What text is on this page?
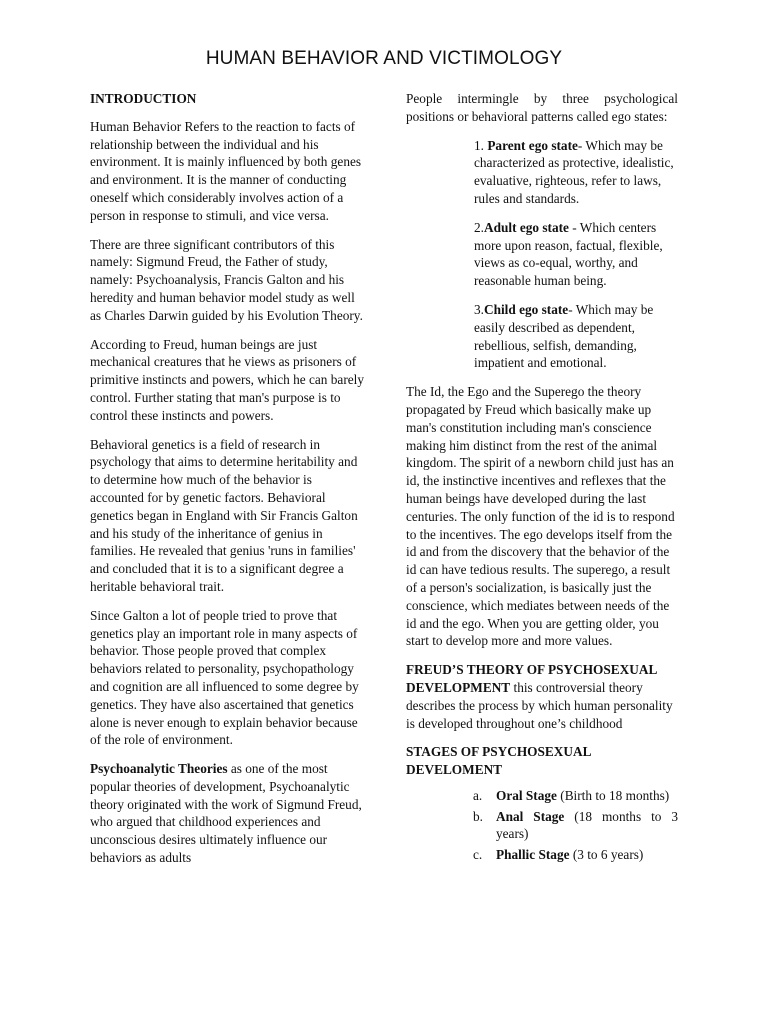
HUMAN BEHAVIOR AND VICTIMOLOGY

INTRODUCTION

Human Behavior Refers to the reaction to facts of relationship between the individual and his environment. It is mainly influenced by both genes and environment. It is the manner of conducting oneself which considerably involves action of a person in response to stimuli, and vice versa.

There are three significant contributors of this namely: Sigmund Freud, the Father of study, namely: Psychoanalysis, Francis Galton and his heredity and human behavior model study as well as Charles Darwin guided by his Evolution Theory.

According to Freud, human beings are just mechanical creatures that he views as prisoners of primitive instincts and powers, which he can barely control. Further stating that man's purpose is to control these instincts and powers.

Behavioral genetics is a field of research in psychology that aims to determine heritability and to determine how much of the behavior is accounted for by genetic factors. Behavioral genetics began in England with Sir Francis Galton and his study of the inheritance of genius in families. He revealed that genius 'runs in families' and concluded that it is to a significant degree a heritable behavioral trait.

Since Galton a lot of people tried to prove that genetics play an important role in many aspects of behavior. Those people proved that complex behaviors related to personality, psychopathology and cognition are all influenced to some degree by genetics. They have also ascertained that genetics alone is never enough to explain behavior because of the role of environment.

Psychoanalytic Theories as one of the most popular theories of development, Psychoanalytic theory originated with the work of Sigmund Freud, who argued that childhood experiences and unconscious desires ultimately influence our behaviors as adults

People intermingle by three psychological positions or behavioral patterns called ego states:

1. Parent ego state- Which may be characterized as protective, idealistic, evaluative, righteous, refer to laws, rules and standards.

2.Adult ego state - Which centers more upon reason, factual, flexible, views as co-equal, worthy, and reasonable human being.

3.Child ego state- Which may be easily described as dependent, rebellious, selfish, demanding, impatient and emotional.

The Id, the Ego and the Superego the theory propagated by Freud which basically make up man's constitution including man's conscience making him distinct from the rest of the animal kingdom. The spirit of a newborn child just has an id, the instinctive incentives and reflexes that the human beings have developed during the last centuries. The only function of the id is to respond to the incentives. The ego develops itself from the id and from the discovery that the behavior of the id can have tedious results. The superego, a result of a person's socialization, is basically just the conscience, which mediates between needs of the id and the ego. When you are getting older, you start to develop more and more values.

FREUD’S THEORY OF PSYCHOSEXUAL DEVELOPMENT this controversial theory describes the process by which human personality is developed throughout one’s childhood

STAGES OF PSYCHOSEXUAL DEVELOMENT

a. Oral Stage (Birth to 18 months)
b. Anal Stage (18 months to 3 years)
c. Phallic Stage (3 to 6 years)
